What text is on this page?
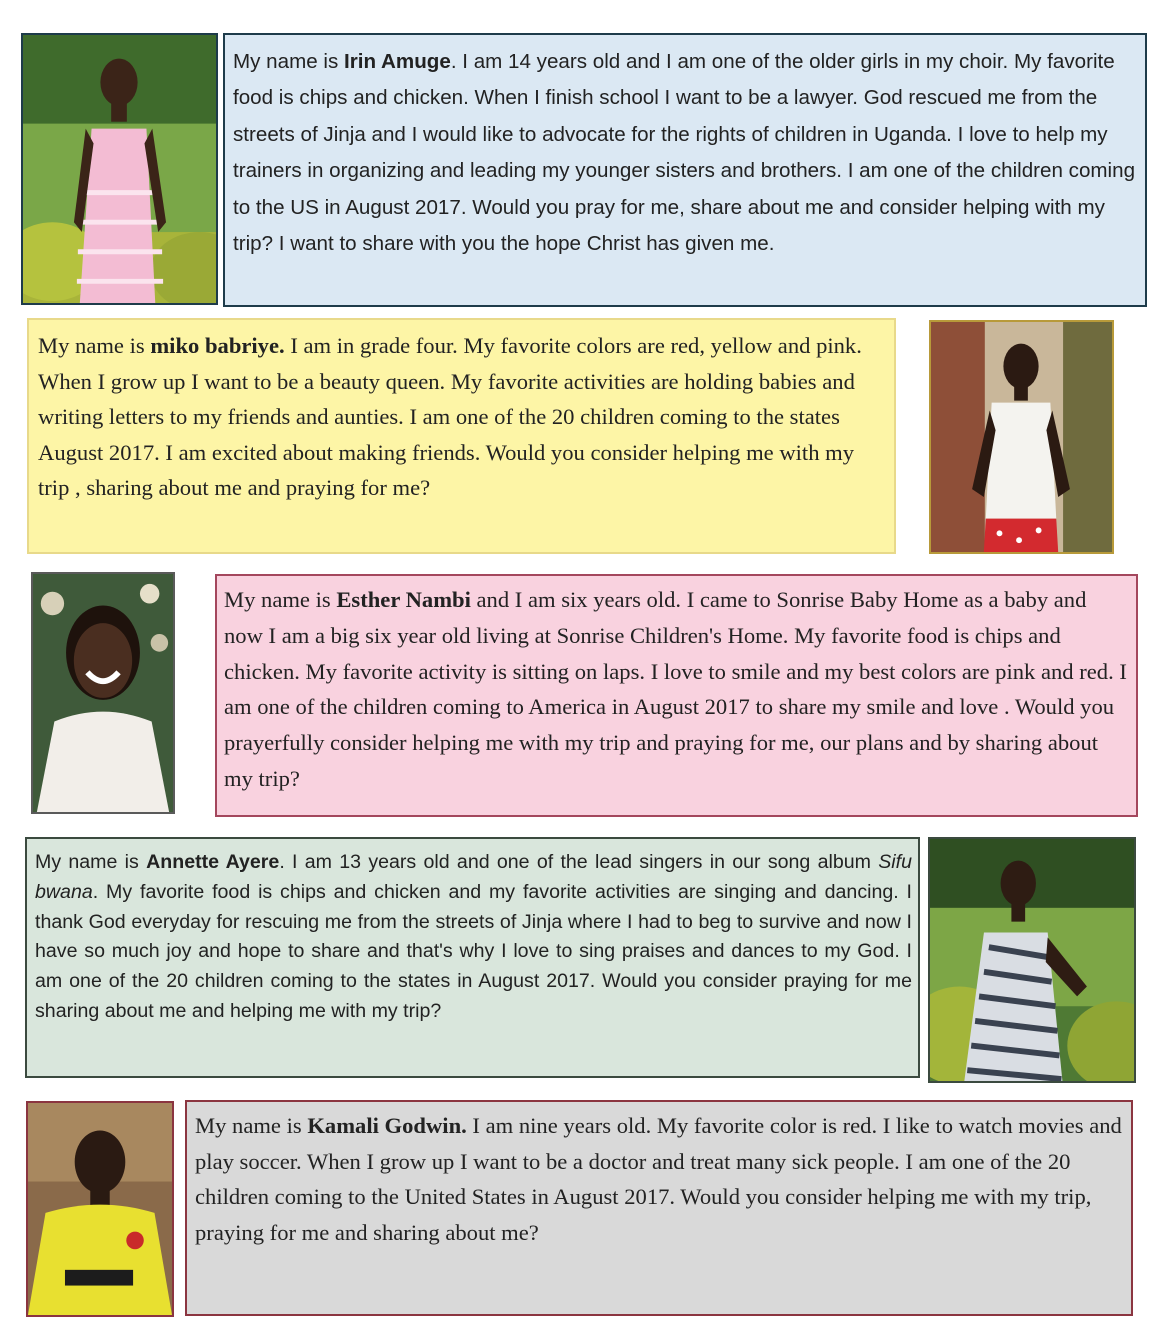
My name is Irin Amuge. I am 14 years old and I am one of the older girls in my choir. My favorite food is chips and chicken. When I finish school I want to be a lawyer. God rescued me from the streets of Jinja and I would like to advocate for the rights of children in Uganda. I love to help my trainers in organizing and leading my younger sisters and brothers. I am one of the children coming to the US in August 2017. Would you pray for me, share about me and consider helping with my trip? I want to share with you the hope Christ has given me.

My name is miko babriye. I am in grade four. My favorite colors are red, yellow and pink. When I grow up I want to be a beauty queen. My favorite activities are holding babies and writing letters to my friends and aunties. I am one of the 20 children coming to the states August 2017. I am excited about making friends. Would you consider helping me with my trip , sharing about me and praying for me?

My name is Esther Nambi and I am six years old. I came to Sonrise Baby Home as a baby and now I am a big six year old living at Sonrise Children's Home. My favorite food is chips and chicken. My favorite activity is sitting on laps. I love to smile and my best colors are pink and red. I am one of the children coming to America in August 2017 to share my smile and love . Would you prayerfully consider helping me with my trip and praying for me, our plans and by sharing about my trip?

My name is Annette Ayere. I am 13 years old and one of the lead singers in our song album Sifu bwana. My favorite food is chips and chicken and my favorite activities are singing and dancing. I thank God everyday for rescuing me from the streets of Jinja where I had to beg to survive and now I have so much joy and hope to share and that's why I love to sing praises and dances to my God. I am one of the 20 children coming to the states in August 2017. Would you consider praying for me sharing about me and helping me with my trip?

My name is Kamali Godwin. I am nine years old. My favorite color is red. I like to watch movies and play soccer. When I grow up I want to be a doctor and treat many sick people. I am one of the 20 children coming to the United States in August 2017. Would you consider helping me with my trip, praying for me and sharing about me?
